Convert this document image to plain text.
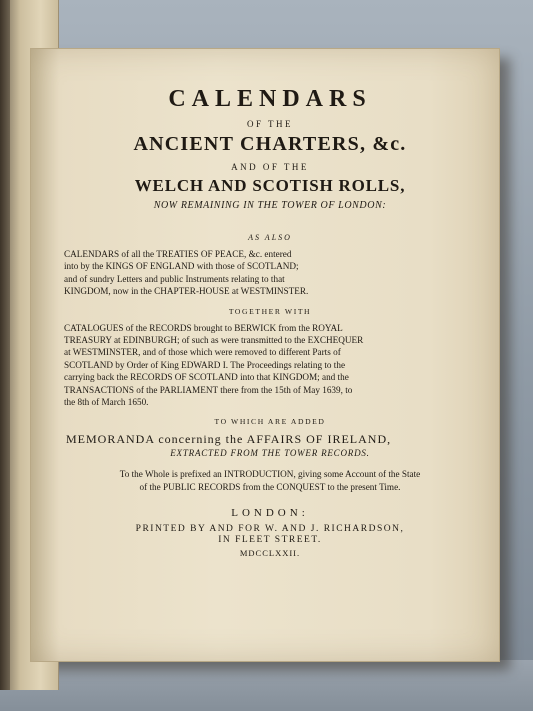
CALENDARS
OF THE
ANCIENT CHARTERS, &c.
AND OF THE
WELCH AND SCOTISH ROLLS,
NOW REMAINING IN THE TOWER OF LONDON:
AS ALSO
CALENDARS of all the TREATIES OF PEACE, &c. entered
into by the KINGS OF ENGLAND with those of SCOTLAND;
and of sundry Letters and public Instruments relating to that
KINGDOM, now in the CHAPTER-HOUSE at WESTMINSTER.
TOGETHER WITH
CATALOGUES of the RECORDS brought to BERWICK from the ROYAL
TREASURY at EDINBURGH; of such as were transmitted to the EXCHEQUER
at WESTMINSTER, and of those which were removed to different Parts of
SCOTLAND by Order of King EDWARD I. The Proceedings relating to the
carrying back the RECORDS OF SCOTLAND into that KINGDOM; and the
TRANSACTIONS of the PARLIAMENT there from the 15th of May 1639, to
the 8th of March 1650.
TO WHICH ARE ADDED
MEMORANDA concerning the AFFAIRS OF IRELAND,
EXTRACTED FROM THE TOWER RECORDS.
To the Whole is prefixed an INTRODUCTION, giving some Account of the State
of the PUBLIC RECORDS from the CONQUEST to the present Time.
LONDON:
PRINTED BY AND FOR W. AND J. RICHARDSON,
IN FLEET STREET.
MDCCLXXII.
